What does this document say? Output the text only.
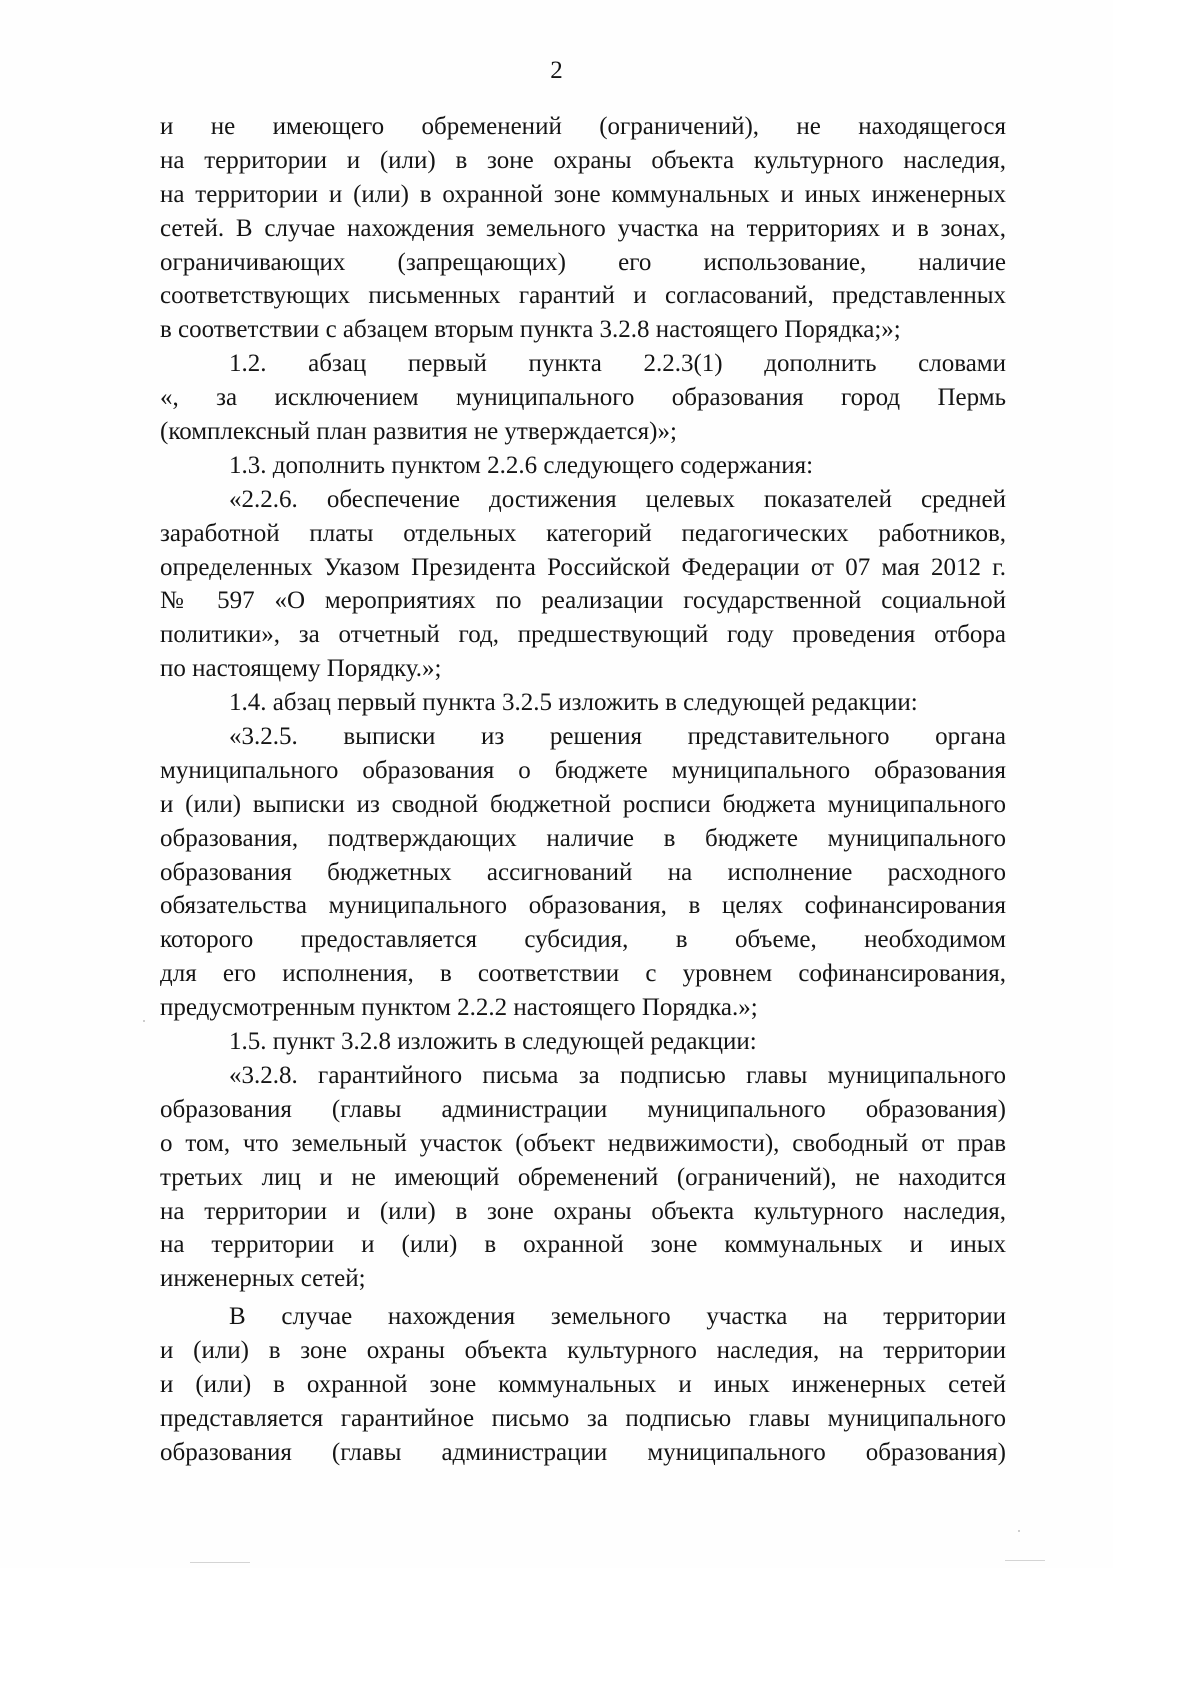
2
и не имеющего обременений (ограничений), не находящегося
на территории и (или) в зоне охраны объекта культурного наследия,
на территории и (или) в охранной зоне коммунальных и иных инженерных
сетей. В случае нахождения земельного участка на территориях и в зонах,
ограничивающих (запрещающих) его использование, наличие
соответствующих письменных гарантий и согласований, представленных
в соответствии с абзацем вторым пункта 3.2.8 настоящего Порядка;»;
1.2. абзац первый пункта 2.2.3(1) дополнить словами
«, за исключением муниципального образования город Пермь
(комплексный план развития не утверждается)»;
1.3. дополнить пунктом 2.2.6 следующего содержания:
«2.2.6. обеспечение достижения целевых показателей средней
заработной платы отдельных категорий педагогических работников,
определенных Указом Президента Российской Федерации от 07 мая 2012 г.
№ 597 «О мероприятиях по реализации государственной социальной
политики», за отчетный год, предшествующий году проведения отбора
по настоящему Порядку.»;
1.4. абзац первый пункта 3.2.5 изложить в следующей редакции:
«3.2.5. выписки из решения представительного органа
муниципального образования о бюджете муниципального образования
и (или) выписки из сводной бюджетной росписи бюджета муниципального
образования, подтверждающих наличие в бюджете муниципального
образования бюджетных ассигнований на исполнение расходного
обязательства муниципального образования, в целях софинансирования
которого предоставляется субсидия, в объеме, необходимом
для его исполнения, в соответствии с уровнем софинансирования,
предусмотренным пунктом 2.2.2 настоящего Порядка.»;
1.5. пункт 3.2.8 изложить в следующей редакции:
«3.2.8. гарантийного письма за подписью главы муниципального
образования (главы администрации муниципального образования)
о том, что земельный участок (объект недвижимости), свободный от прав
третьих лиц и не имеющий обременений (ограничений), не находится
на территории и (или) в зоне охраны объекта культурного наследия,
на территории и (или) в охранной зоне коммунальных и иных
инженерных сетей;
В случае нахождения земельного участка на территории
и (или) в зоне охраны объекта культурного наследия, на территории
и (или) в охранной зоне коммунальных и иных инженерных сетей
представляется гарантийное письмо за подписью главы муниципального
образования (главы администрации муниципального образования)
